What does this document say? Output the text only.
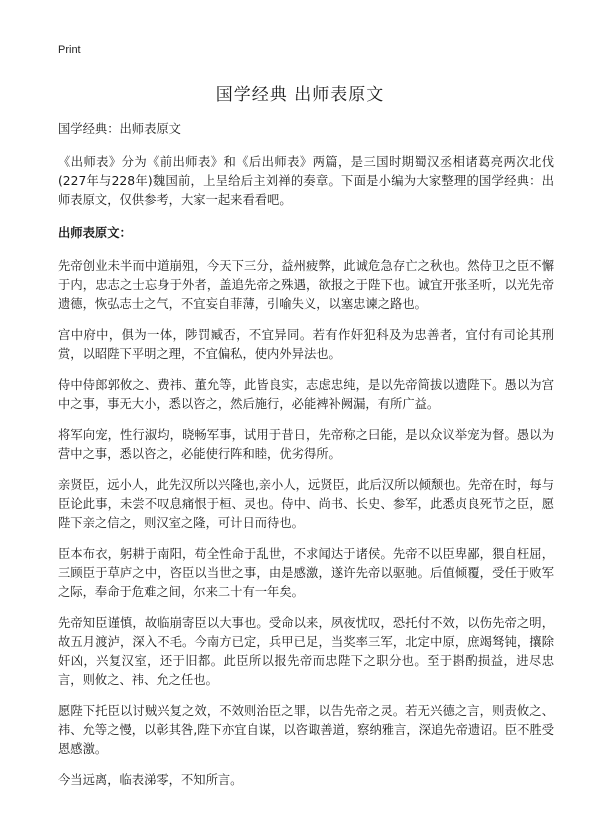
Print
国学经典 出师表原文

国学经典：出师表原文

《出师表》分为《前出师表》和《后出师表》两篇，是三国时期蜀汉丞相诸葛亮两次北伐(227年与228年)魏国前，上呈给后主刘禅的奏章。下面是小编为大家整理的国学经典：出师表原文，仅供参考，大家一起来看看吧。

出师表原文：

先帝创业未半而中道崩殂，今天下三分，益州疲弊，此诚危急存亡之秋也。然侍卫之臣不懈于内，忠志之士忘身于外者，盖追先帝之殊遇，欲报之于陛下也。诚宜开张圣听，以光先帝遗德，恢弘志士之气，不宜妄自菲薄，引喻失义，以塞忠谏之路也。

宫中府中，俱为一体，陟罚臧否，不宜异同。若有作奸犯科及为忠善者，宜付有司论其刑赏，以昭陛下平明之理，不宜偏私，使内外异法也。

侍中侍郎郭攸之、费祎、董允等，此皆良实，志虑忠纯，是以先帝简拔以遗陛下。愚以为宫中之事，事无大小，悉以咨之，然后施行，必能裨补阙漏，有所广益。

将军向宠，性行淑均，晓畅军事，试用于昔日，先帝称之曰能，是以众议举宠为督。愚以为营中之事，悉以咨之，必能使行阵和睦，优劣得所。

亲贤臣，远小人，此先汉所以兴隆也,亲小人，远贤臣，此后汉所以倾颓也。先帝在时，每与臣论此事，未尝不叹息痛恨于桓、灵也。侍中、尚书、长史、参军，此悉贞良死节之臣，愿陛下亲之信之，则汉室之隆，可计日而待也。

臣本布衣，躬耕于南阳，苟全性命于乱世，不求闻达于诸侯。先帝不以臣卑鄙，猥自枉屈，三顾臣于草庐之中，咨臣以当世之事，由是感激，遂许先帝以驱驰。后值倾覆，受任于败军之际，奉命于危难之间，尔来二十有一年矣。

先帝知臣谨慎，故临崩寄臣以大事也。受命以来，夙夜忧叹，恐托付不效，以伤先帝之明，故五月渡泸，深入不毛。今南方已定，兵甲已足，当奖率三军，北定中原，庶竭驽钝，攘除奸凶，兴复汉室，还于旧都。此臣所以报先帝而忠陛下之职分也。至于斟酌损益，进尽忠言，则攸之、祎、允之任也。

愿陛下托臣以讨贼兴复之效，不效则治臣之罪，以告先帝之灵。若无兴德之言，则责攸之、祎、允等之慢，以彰其咎,陛下亦宜自谋，以咨诹善道，察纳雅言，深追先帝遗诏。臣不胜受恩感激。

今当远离，临表涕零，不知所言。
